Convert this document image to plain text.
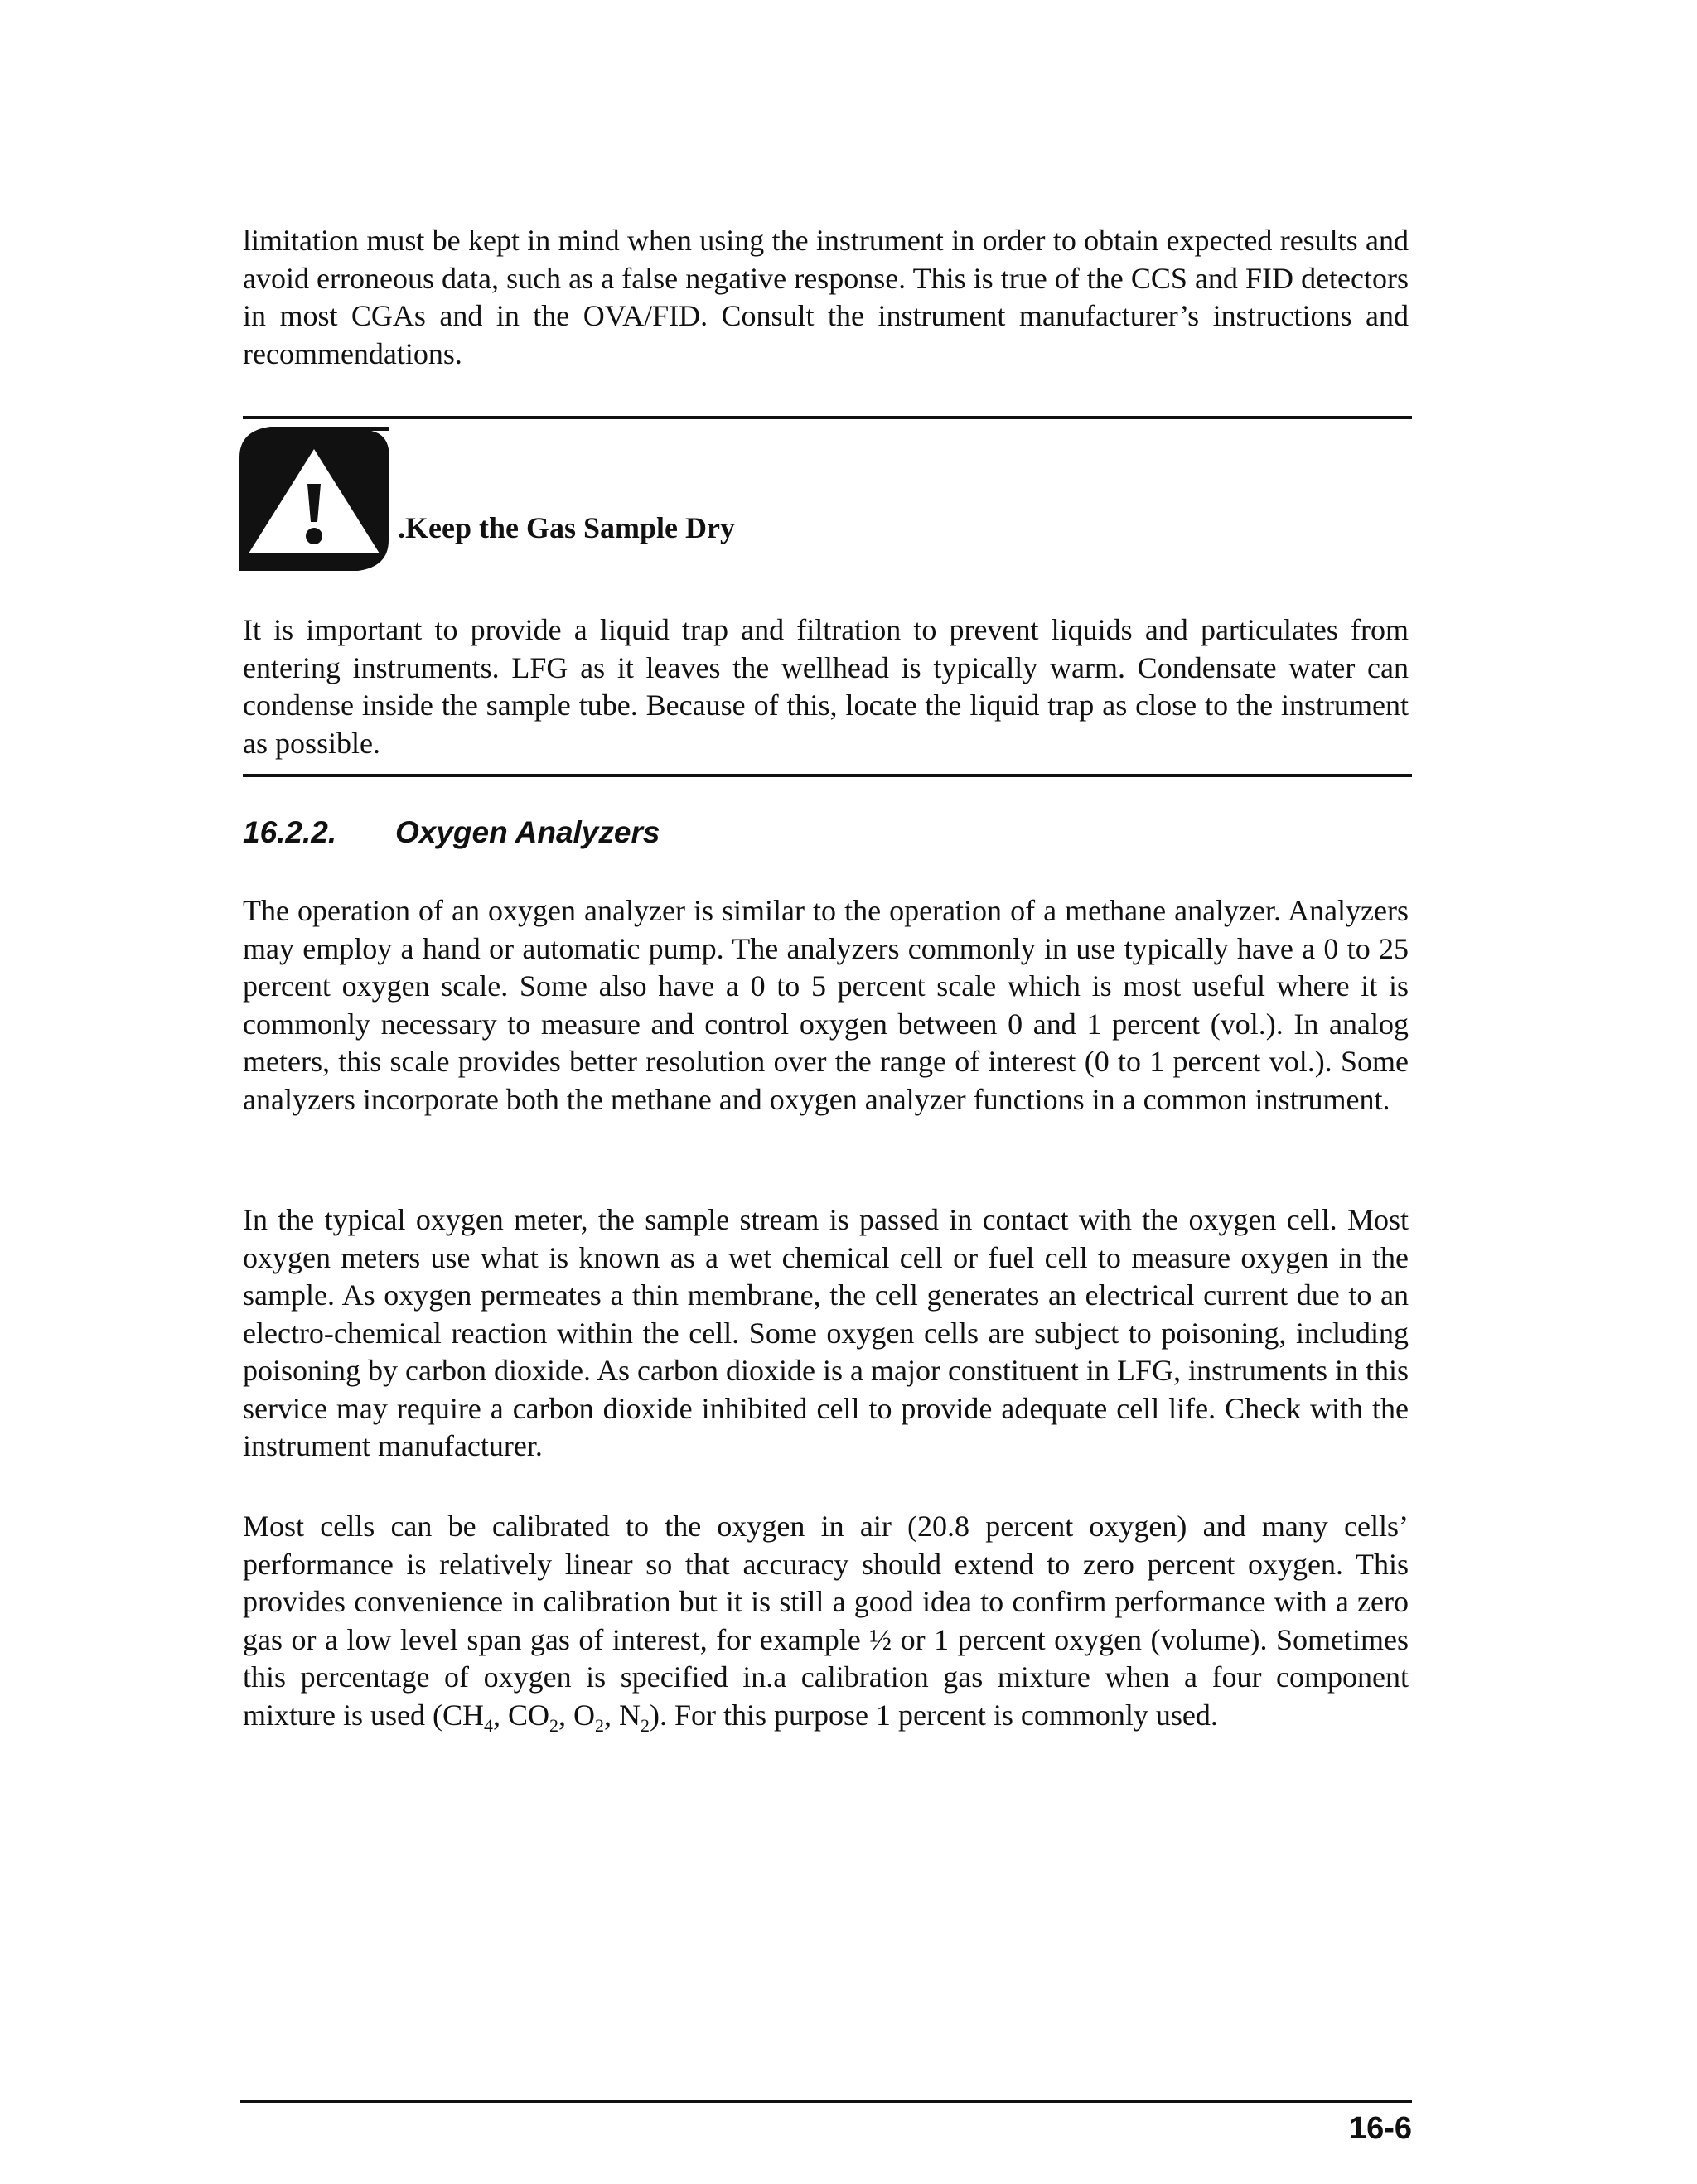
limitation must be kept in mind when using the instrument in order to obtain expected results and avoid erroneous data, such as a false negative response. This is true of the CCS and FID detectors in most CGAs and in the OVA/FID. Consult the instrument manufacturer’s instructions and recommendations.

.Keep the Gas Sample Dry

It is important to provide a liquid trap and filtration to prevent liquids and particulates from entering instruments. LFG as it leaves the wellhead is typically warm. Condensate water can condense inside the sample tube. Because of this, locate the liquid trap as close to the instrument as possible.

16.2.2. Oxygen Analyzers

The operation of an oxygen analyzer is similar to the operation of a methane analyzer. Analyzers may employ a hand or automatic pump. The analyzers commonly in use typically have a 0 to 25 percent oxygen scale. Some also have a 0 to 5 percent scale which is most useful where it is commonly necessary to measure and control oxygen between 0 and 1 percent (vol.). In analog meters, this scale provides better resolution over the range of interest (0 to 1 percent vol.). Some analyzers incorporate both the methane and oxygen analyzer functions in a common instrument.

In the typical oxygen meter, the sample stream is passed in contact with the oxygen cell. Most oxygen meters use what is known as a wet chemical cell or fuel cell to measure oxygen in the sample. As oxygen permeates a thin membrane, the cell generates an electrical current due to an electro-chemical reaction within the cell. Some oxygen cells are subject to poisoning, including poisoning by carbon dioxide. As carbon dioxide is a major constituent in LFG, instruments in this service may require a carbon dioxide inhibited cell to provide adequate cell life. Check with the instrument manufacturer.

Most cells can be calibrated to the oxygen in air (20.8 percent oxygen) and many cells’ performance is relatively linear so that accuracy should extend to zero percent oxygen. This provides convenience in calibration but it is still a good idea to confirm performance with a zero gas or a low level span gas of interest, for example ½ or 1 percent oxygen (volume). Sometimes this percentage of oxygen is specified in.a calibration gas mixture when a four component mixture is used ($CH_4$, $CO_2$, $O_2$, $N_2$). For this purpose 1 percent is commonly used.

16-6
